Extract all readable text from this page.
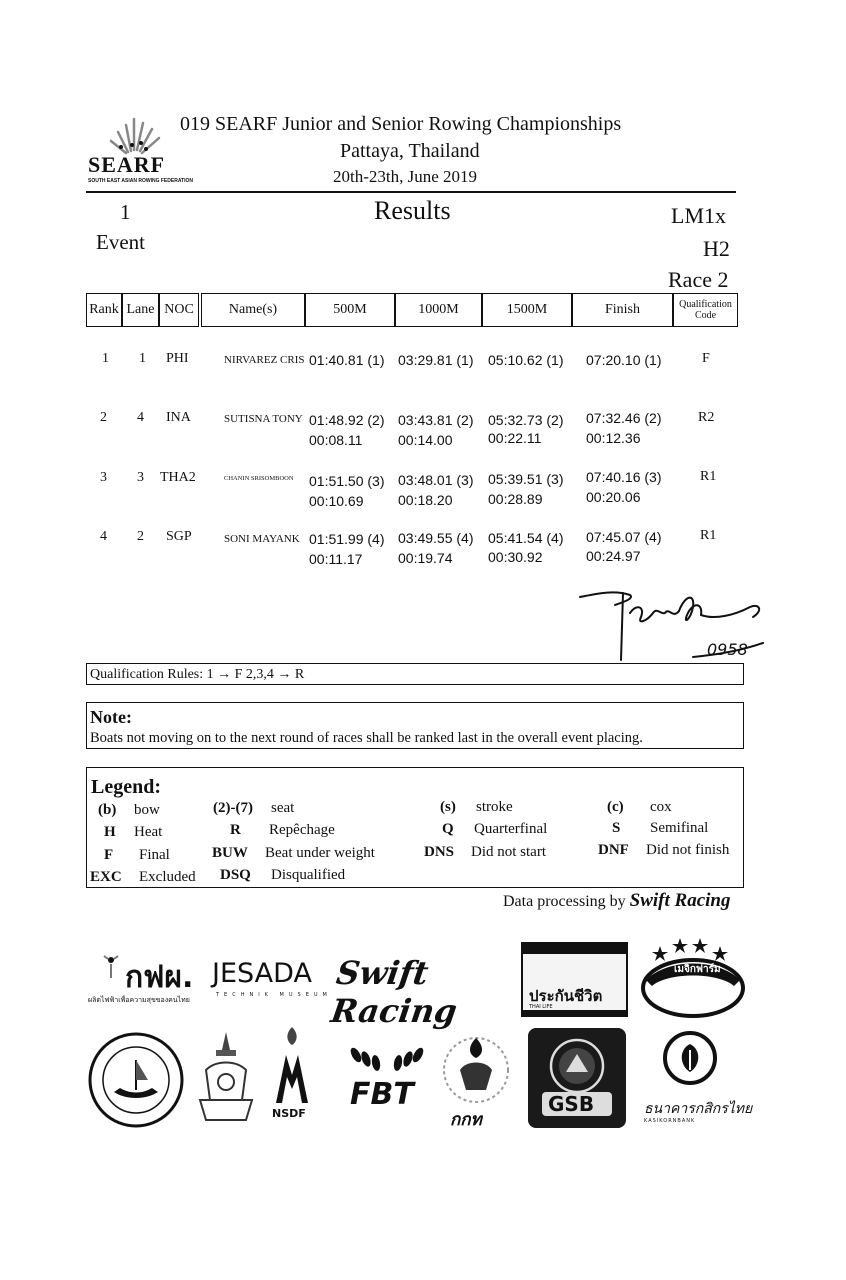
SEARF
SOUTH EAST ASIAN ROWING FEDERATION
019 SEARF Junior and Senior Rowing Championships
Pattaya, Thailand
20th-23th, June 2019
1
Event
Results	LM1x
H2
Race 2
Rank Lane NOC	Name(s)	500M	1000M	1500M	Finish	Qualification Code
1 1 PHI	NIRVAREZ CRIS 01:40.81 (1) 03:29.81 (1) 05:10.62 (1) 07:20.10 (1)	F
2 4 INA	SUTISNA TONY 01:48.92 (2) 03:43.81 (2) 05:32.73 (2) 07:32.46 (2)	R2
00:08.11	00:14.00	00:22.11	00:12.36
3 3 THA2	CHANIN SRISOMBOON 01:51.50 (3) 03:48.01 (3) 05:39.51 (3) 07:40.16 (3)	R1
00:10.69 00:18.20	00:28.89	00:20.06
4 2 SGP	SONI MAYANK 01:51.99 (4) 03:49.55 (4) 05:41.54 (4) 07:45.07 (4)	R1
00:11.17	00:19.74	00:30.92	00:24.97
0958
Qualification Rules: 1 → F 2,3,4 → R
Note:
Boats not moving on to the next round of races shall be ranked last in the overall event placing.
Legend:
(b) bow	(2)-(7) seat	(s) stroke	(c) cox
H Heat	R Repêchage	Q Quarterfinal	S Semifinal
F Final	BUW Beat under weight	DNS Did not start	DNF Did not finish
EXC Excluded DSQ Disqualified
Data processing by Swift Racing
กฟผ.
ผลิตไฟฟ้าเพื่อความสุขของคนไทย
JESADA
TECHNIK MUSEUM
Swift Racing	ประกันชีวิต
THAI LIFE
เมจิกฟาร์ม
NSDF
FBT
กกท
GSB	ธนาคารกสิกรไทย
KASIKORNBANK
